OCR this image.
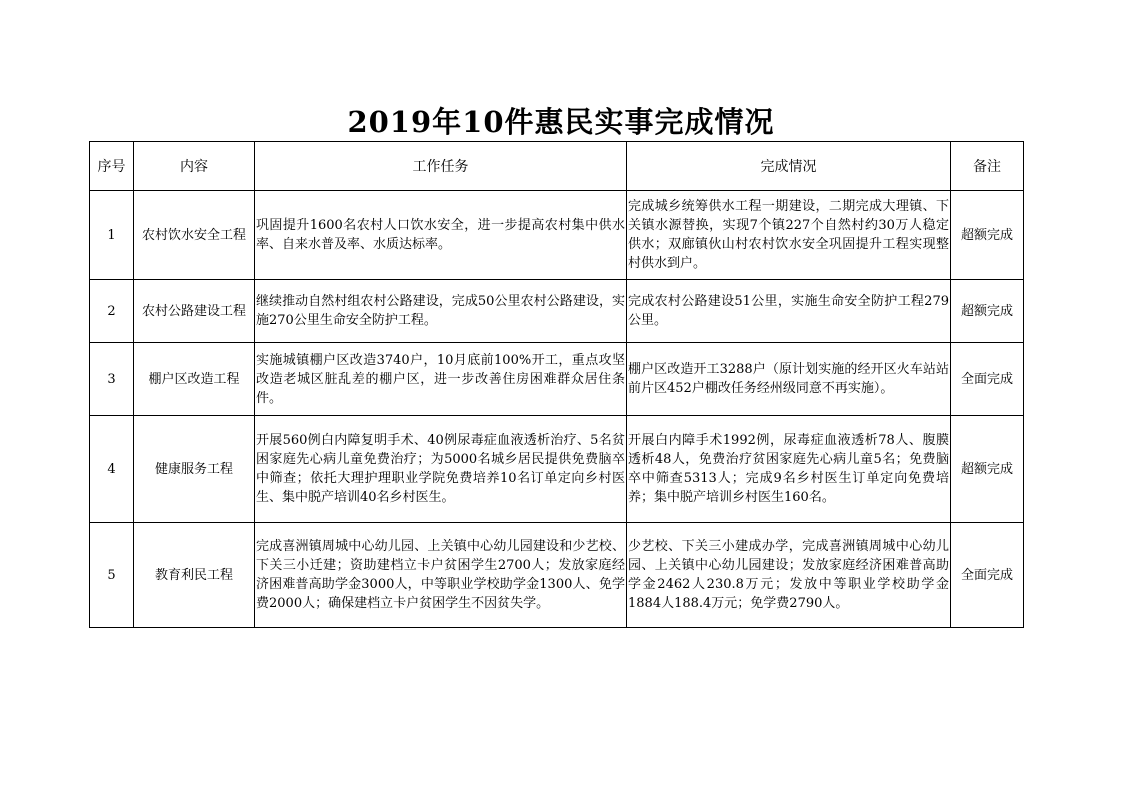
2019年10件惠民实事完成情况
序号	内容	工作任务	完成情况	备注
1	农村饮水安全工程	巩固提升1600名农村人口饮水安全，进一步提高农村集中供水率、自来水普及率、水质达标率。	完成城乡统筹供水工程一期建设，二期完成大理镇、下关镇水源替换，实现7个镇227个自然村约30万人稳定供水；双廊镇伙山村农村饮水安全巩固提升工程实现整村供水到户。	超额完成
2	农村公路建设工程	继续推动自然村组农村公路建设，完成50公里农村公路建设，实施270公里生命安全防护工程。	完成农村公路建设51公里，实施生命安全防护工程279公里。	超额完成
3	棚户区改造工程	实施城镇棚户区改造3740户，10月底前100%开工，重点攻坚改造老城区脏乱差的棚户区，进一步改善住房困难群众居住条件。	棚户区改造开工3288户（原计划实施的经开区火车站站前片区452户棚改任务经州级同意不再实施）。	全面完成
4	健康服务工程	开展560例白内障复明手术、40例尿毒症血液透析治疗、5名贫困家庭先心病儿童免费治疗；为5000名城乡居民提供免费脑卒中筛查；依托大理护理职业学院免费培养10名订单定向乡村医生、集中脱产培训40名乡村医生。	开展白内障手术1992例，尿毒症血液透析78人、腹膜透析48人，免费治疗贫困家庭先心病儿童5名；免费脑卒中筛查5313人；完成9名乡村医生订单定向免费培养；集中脱产培训乡村医生160名。	超额完成
5	教育利民工程	完成喜洲镇周城中心幼儿园、上关镇中心幼儿园建设和少艺校、下关三小迁建；资助建档立卡户贫困学生2700人；发放家庭经济困难普高助学金3000人，中等职业学校助学金1300人、免学费2000人；确保建档立卡户贫困学生不因贫失学。	少艺校、下关三小建成办学，完成喜洲镇周城中心幼儿园、上关镇中心幼儿园建设；发放家庭经济困难普高助学金2462人230.8万元；发放中等职业学校助学金1884人188.4万元；免学费2790人。	全面完成
